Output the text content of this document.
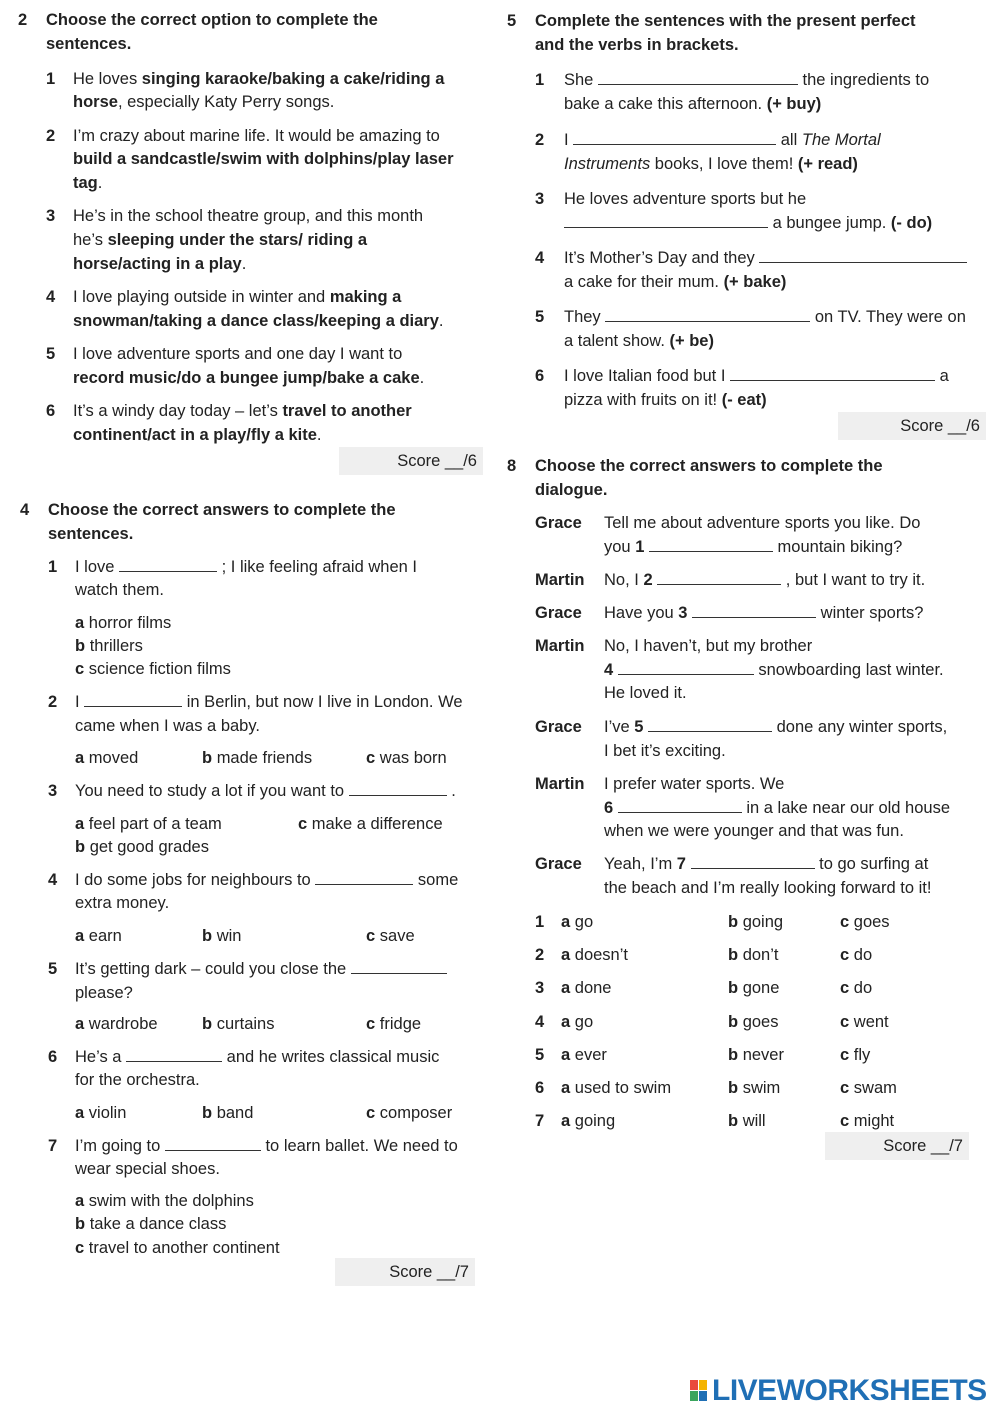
2 Choose the correct option to complete the
sentences.
1 He loves singing karaoke/baking a cake/riding a
horse, especially Katy Perry songs.
2 I’m crazy about marine life. It would be amazing to
build a sandcastle/swim with dolphins/play laser
tag.
3 He’s in the school theatre group, and this month
he’s sleeping under the stars/ riding a
horse/acting in a play.
4 I love playing outside in winter and making a
snowman/taking a dance class/keeping a diary.
5 I love adventure sports and one day I want to
record music/do a bungee jump/bake a cake.
6 It’s a windy day today – let’s travel to another
continent/act in a play/fly a kite.
Score __/6
4 Choose the correct answers to complete the
sentences.
1 I love	; I like feeling afraid when I
watch them.
a horror films
b thrillers
c science fiction films
2 I	in Berlin, but now I live in London. We
came when I was a baby.
a moved	b made friends	c was born
3 You need to study a lot if you want to	.
a feel part of a team	c make a difference
b get good grades
4 I do some jobs for neighbours to	some
extra money.
a earn	b win	c save
5 It’s getting dark – could you close the
please?
a wardrobe	b curtains	c fridge
6 He’s a	and he writes classical music
for the orchestra.
a violin	b band	c composer
7 I’m going to	to learn ballet. We need to
wear special shoes.
a swim with the dolphins
b take a dance class
c travel to another continent
Score __/7
5 Complete the sentences with the present perfect
and the verbs in brackets.
1 She	the ingredients to
bake a cake this afternoon. (+ buy)
2 I	all The Mortal
Instruments books, I love them! (+ read)
3 He loves adventure sports but he
a bungee jump. (- do)
4 It’s Mother’s Day and they
a cake for their mum. (+ bake)
5 They	on TV. They were on
a talent show. (+ be)
6 I love Italian food but I	a
pizza with fruits on it! (- eat)
Score __/6
8 Choose the correct answers to complete the
dialogue.
Grace Tell me about adventure sports you like. Do
you 1	mountain biking?
Martin No, I 2	, but I want to try it.
Grace Have you 3	winter sports?
Martin No, I haven’t, but my brother
4	snowboarding last winter.
He loved it.
Grace I’ve 5	done any winter sports,
I bet it’s exciting.
Martin I prefer water sports. We
6	in a lake near our old house
when we were younger and that was fun.
Grace Yeah, I’m 7	to go surfing at
the beach and I’m really looking forward to it!
1 a go	b going	c goes
2 a doesn’t	b don’t	c do
3 a done	b gone	c do
4 a go	b goes	c went
5 a ever	b never	c fly
6 a used to swim	b swim	c swam
7 a going	b will	c might
Score __/7
LIVEWORKSHEETS
